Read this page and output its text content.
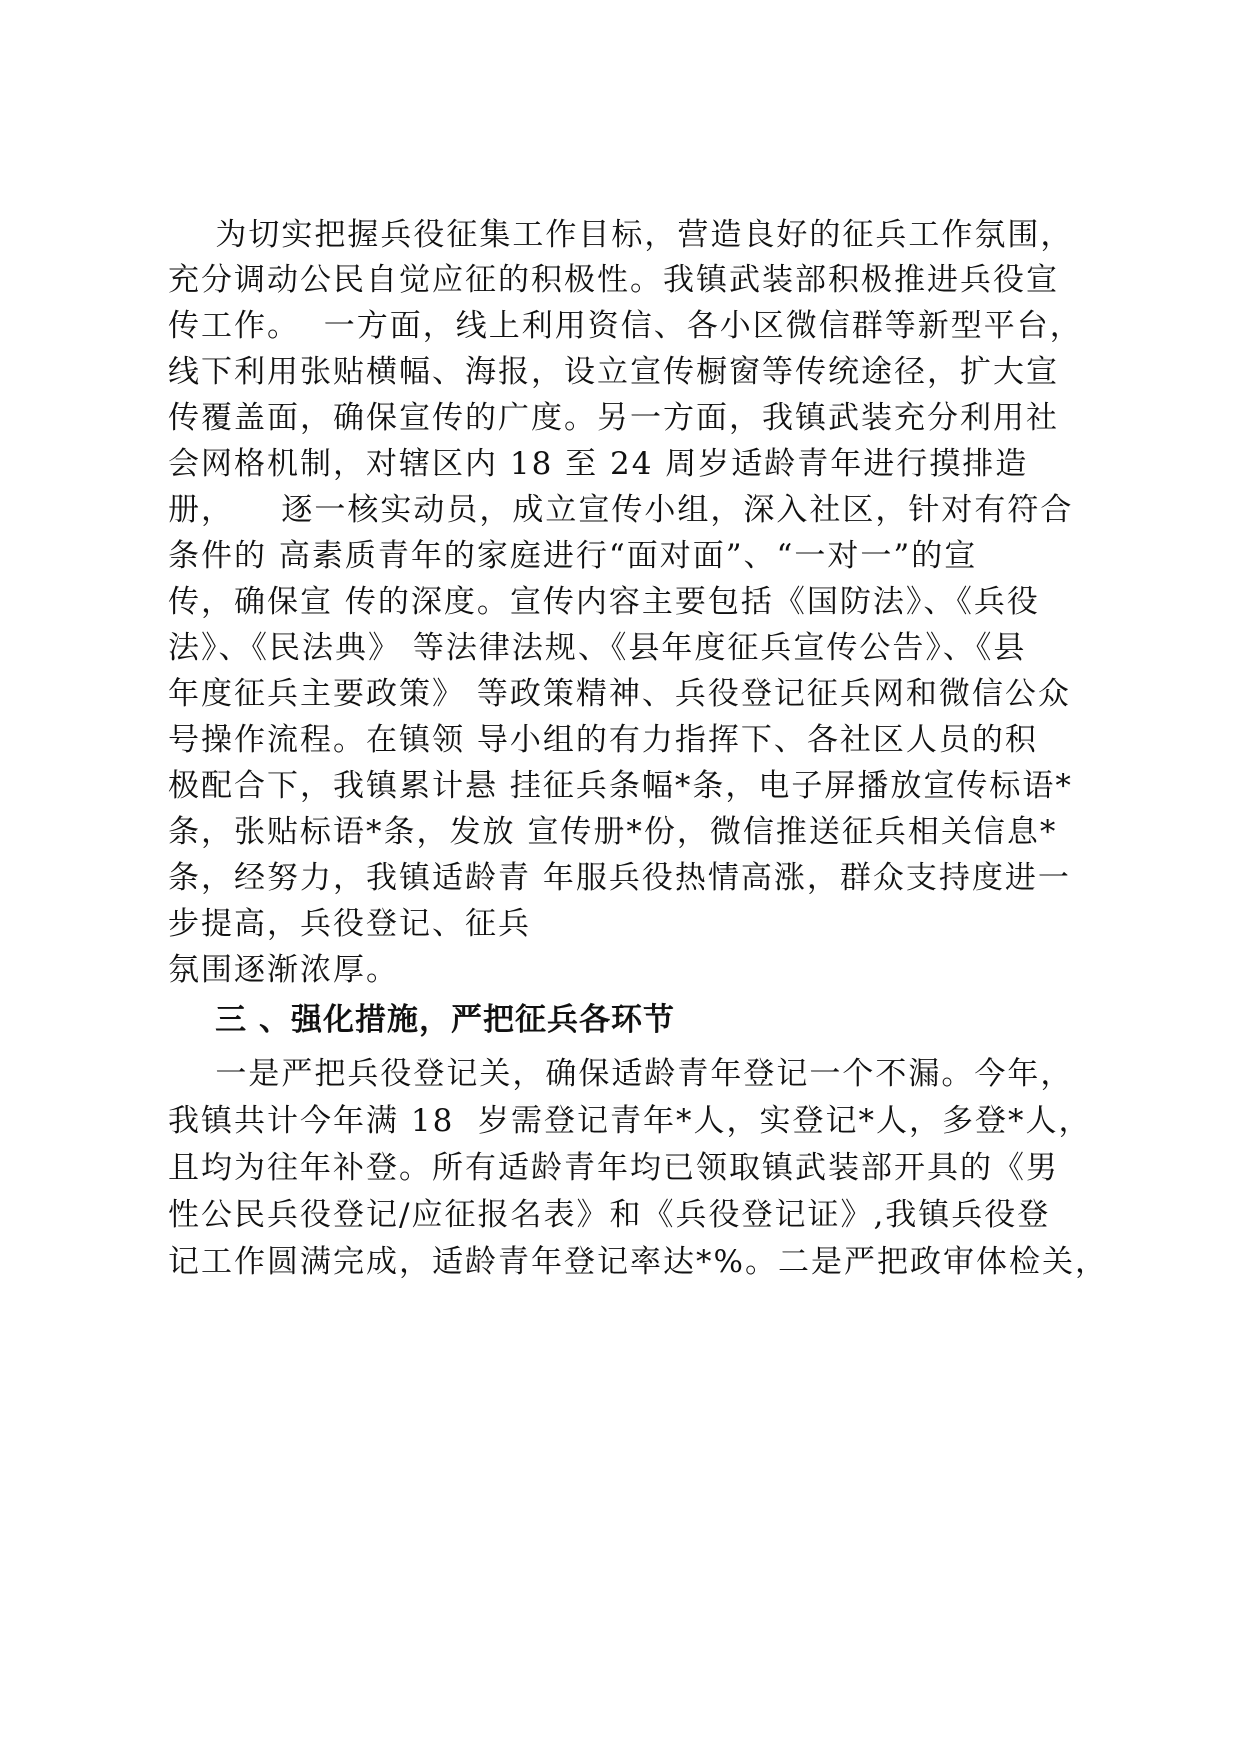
为切实把握兵役征集工作目标，营造良好的征兵工作氛围，
充分调动公民自觉应征的积极性。我镇武装部积极推进兵役宣
传工作。  一方面，线上利用资信、各小区微信群等新型平台，
线下利用张贴横幅、海报，设立宣传橱窗等传统途径，扩大宣
传覆盖面，确保宣传的广度。另一方面，我镇武装充分利用社
会网格机制，对辖区内 18 至 24 周岁适龄青年进行摸排造
册，    逐一核实动员，成立宣传小组，深入社区，针对有符合
条件的 高素质青年的家庭进行“面对面”、“一对一”的宣
传，确保宣 传的深度。宣传内容主要包括《国防法》、《兵役
法》、《民法典》 等法律法规、《县年度征兵宣传公告》、《县
年度征兵主要政策》 等政策精神、兵役登记征兵网和微信公众
号操作流程。在镇领 导小组的有力指挥下、各社区人员的积
极配合下，我镇累计悬 挂征兵条幅*条，电子屏播放宣传标语*
条，张贴标语*条，发放 宣传册*份，微信推送征兵相关信息*
条，经努力，我镇适龄青 年服兵役热情高涨，群众支持度进一
步提高，兵役登记、征兵
氛围逐渐浓厚。
三 、强化措施，严把征兵各环节
一是严把兵役登记关，确保适龄青年登记一个不漏。今年，
我镇共计今年满 18  岁需登记青年*人，实登记*人，多登*人，
且均为往年补登。所有适龄青年均已领取镇武装部开具的《男
性公民兵役登记/应征报名表》和《兵役登记证》,我镇兵役登
记工作圆满完成，适龄青年登记率达*%。二是严把政审体检关，
